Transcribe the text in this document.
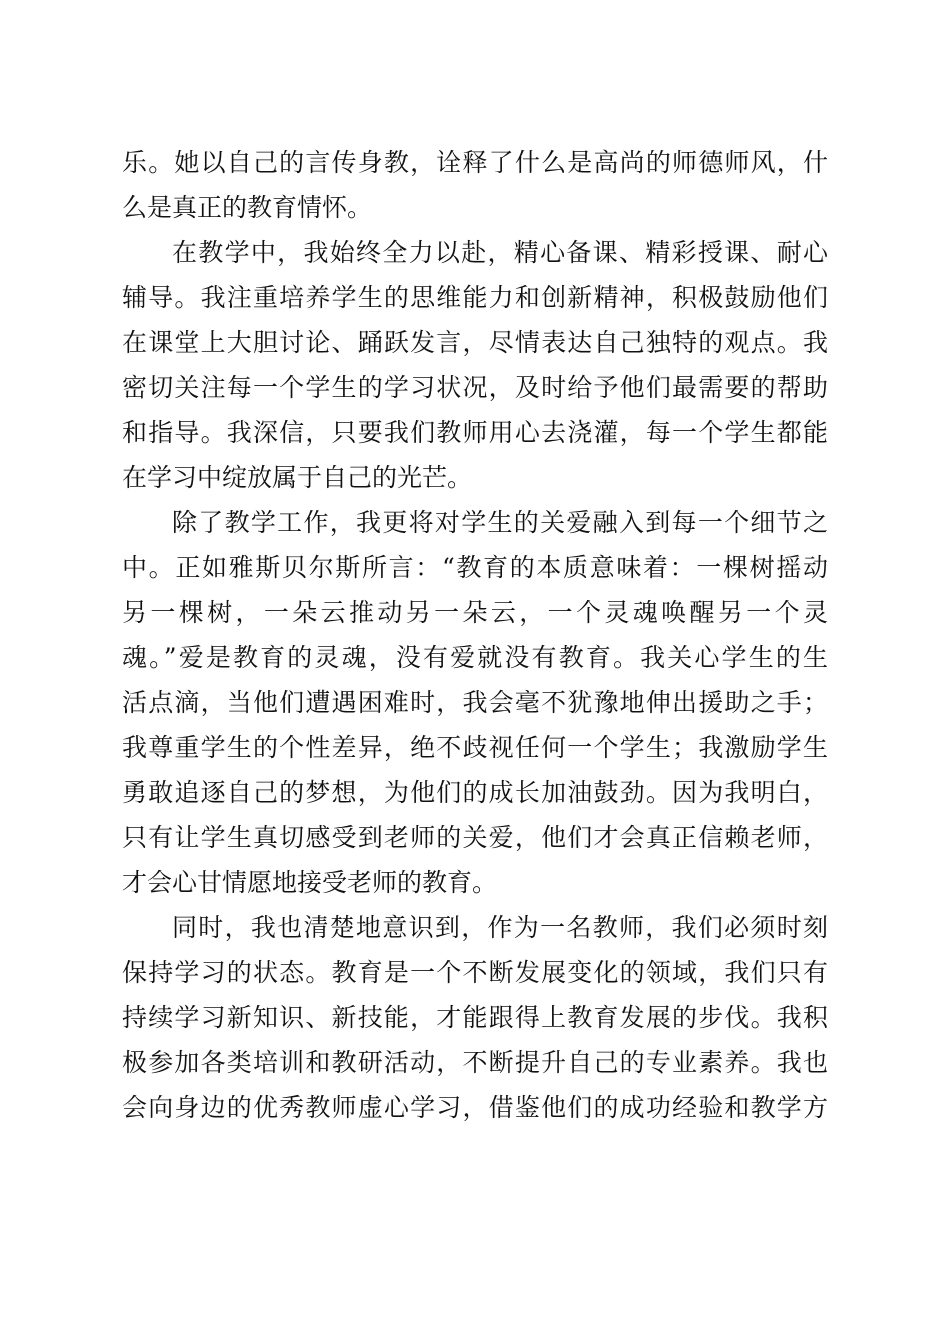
乐。她以自己的言传身教，诠释了什么是高尚的师德师风，什
么是真正的教育情怀。
在教学中，我始终全力以赴，精心备课、精彩授课、耐心
辅导。我注重培养学生的思维能力和创新精神，积极鼓励他们
在课堂上大胆讨论、踊跃发言，尽情表达自己独特的观点。我
密切关注每一个学生的学习状况，及时给予他们最需要的帮助
和指导。我深信，只要我们教师用心去浇灌，每一个学生都能
在学习中绽放属于自己的光芒。
除了教学工作，我更将对学生的关爱融入到每一个细节之
中。正如雅斯贝尔斯所言：“教育的本质意味着：一棵树摇动
另一棵树，一朵云推动另一朵云，一个灵魂唤醒另一个灵
魂。”爱是教育的灵魂，没有爱就没有教育。我关心学生的生
活点滴，当他们遭遇困难时，我会毫不犹豫地伸出援助之手；
我尊重学生的个性差异，绝不歧视任何一个学生；我激励学生
勇敢追逐自己的梦想，为他们的成长加油鼓劲。因为我明白，
只有让学生真切感受到老师的关爱，他们才会真正信赖老师，
才会心甘情愿地接受老师的教育。
同时，我也清楚地意识到，作为一名教师，我们必须时刻
保持学习的状态。教育是一个不断发展变化的领域，我们只有
持续学习新知识、新技能，才能跟得上教育发展的步伐。我积
极参加各类培训和教研活动，不断提升自己的专业素养。我也
会向身边的优秀教师虚心学习，借鉴他们的成功经验和教学方
